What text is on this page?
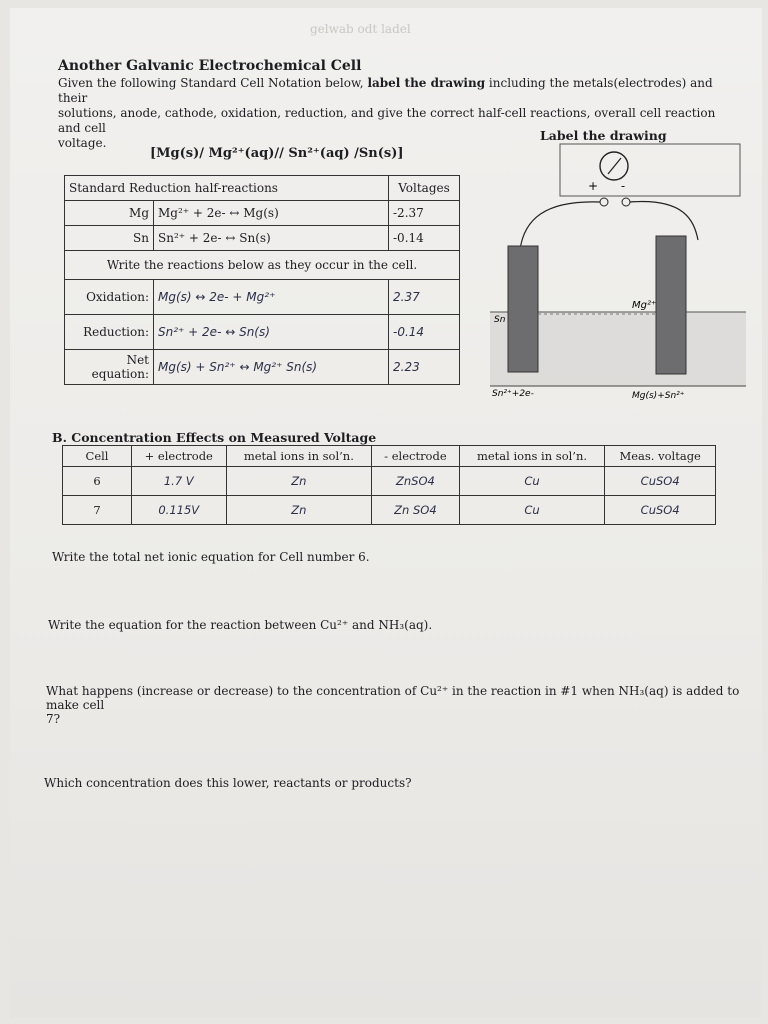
gelwab odt ladel
Another Galvanic Electrochemical Cell
Given the following Standard Cell Notation below, label the drawing including the metals(electrodes) and their
solutions, anode, cathode, oxidation, reduction, and give the correct half-cell reactions, overall cell reaction and cell
voltage.
[Mg(s)/ Mg²⁺(aq)// Sn²⁺(aq) /Sn(s)]
Label the drawing
Standard Reduction half-reactions		Voltages
Mg	Mg²⁺ + 2e- ↔ Mg(s)	-2.37
Sn	Sn²⁺ + 2e- ↔ Sn(s)	-0.14
Write the reactions below as they occur in the cell.		
Oxidation:	Mg(s) ↔ 2e- + Mg²⁺	2.37
Reduction:	Sn²⁺ + 2e- ↔ Sn(s)	-0.14
Net equation:	Mg(s) + Sn²⁺ ↔ Mg²⁺ Sn(s)	2.23
+ -
Sn
Mg²⁺
Sn²⁺+2e-	Mg(s)+Sn²⁺
B. Concentration Effects on Measured Voltage
Cell	+ electrode	metal ions in sol’n.	- electrode	metal ions in sol’n.	Meas. voltage
6	1.7 V	Zn	ZnSO4	Cu	CuSO4
7	0.115V	Zn	Zn SO4	Cu	CuSO4
Write the total net ionic equation for Cell number 6.
Write the equation for the reaction between Cu²⁺ and NH₃(aq).
What happens (increase or decrease) to the concentration of Cu²⁺ in the reaction in #1 when NH₃(aq) is added to make cell
7?
Which concentration does this lower, reactants or products?
